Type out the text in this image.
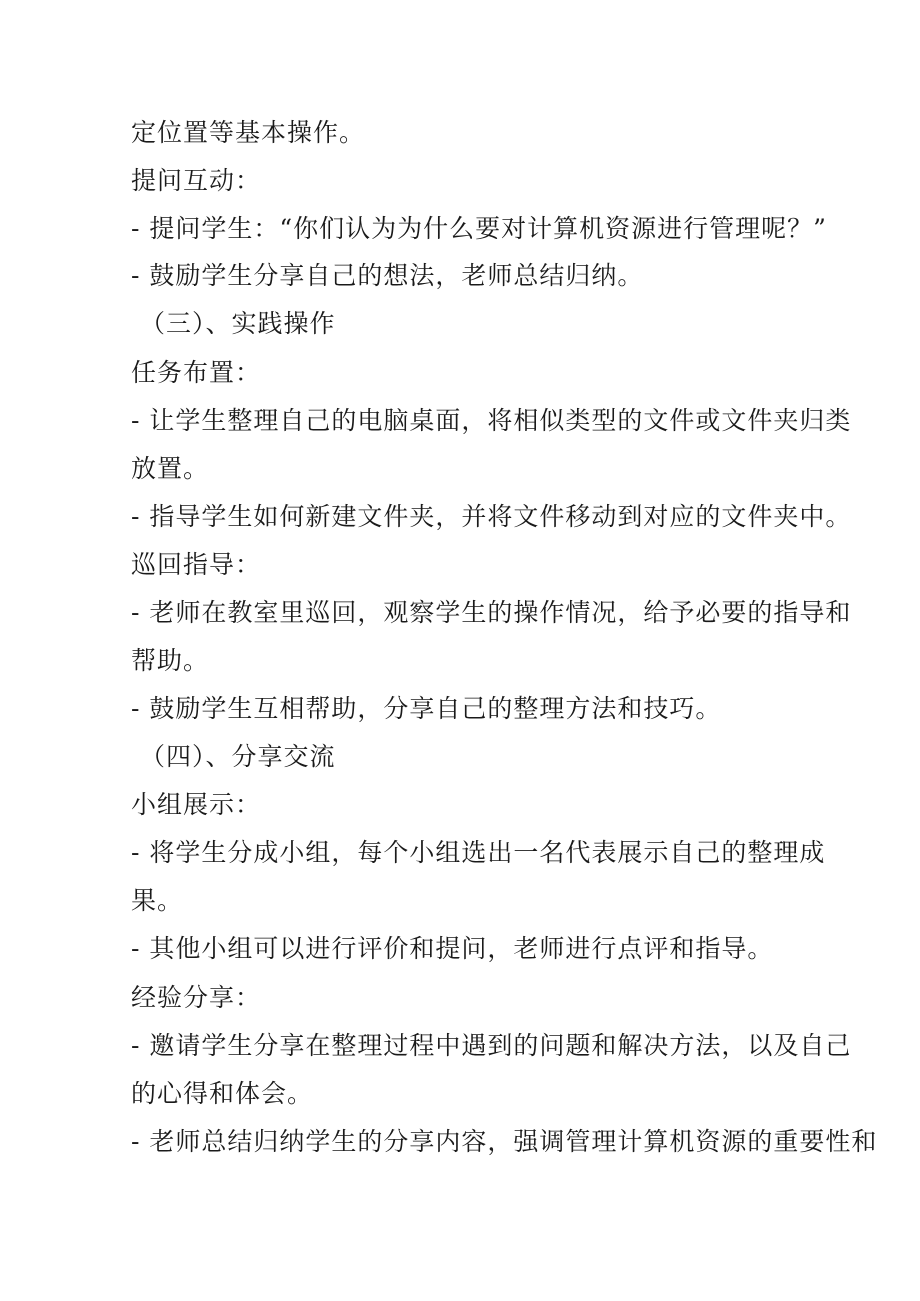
定位置等基本操作。
提问互动：
- 提问学生：“你们认为为什么要对计算机资源进行管理呢？”
- 鼓励学生分享自己的想法，老师总结归纳。
（三）、实践操作
任务布置：
- 让学生整理自己的电脑桌面，将相似类型的文件或文件夹归类
放置。
- 指导学生如何新建文件夹，并将文件移动到对应的文件夹中。
巡回指导：
- 老师在教室里巡回，观察学生的操作情况，给予必要的指导和
帮助。
- 鼓励学生互相帮助，分享自己的整理方法和技巧。
（四）、分享交流
小组展示：
- 将学生分成小组，每个小组选出一名代表展示自己的整理成
果。
- 其他小组可以进行评价和提问，老师进行点评和指导。
经验分享：
- 邀请学生分享在整理过程中遇到的问题和解决方法，以及自己
的心得和体会。
- 老师总结归纳学生的分享内容，强调管理计算机资源的重要性和
